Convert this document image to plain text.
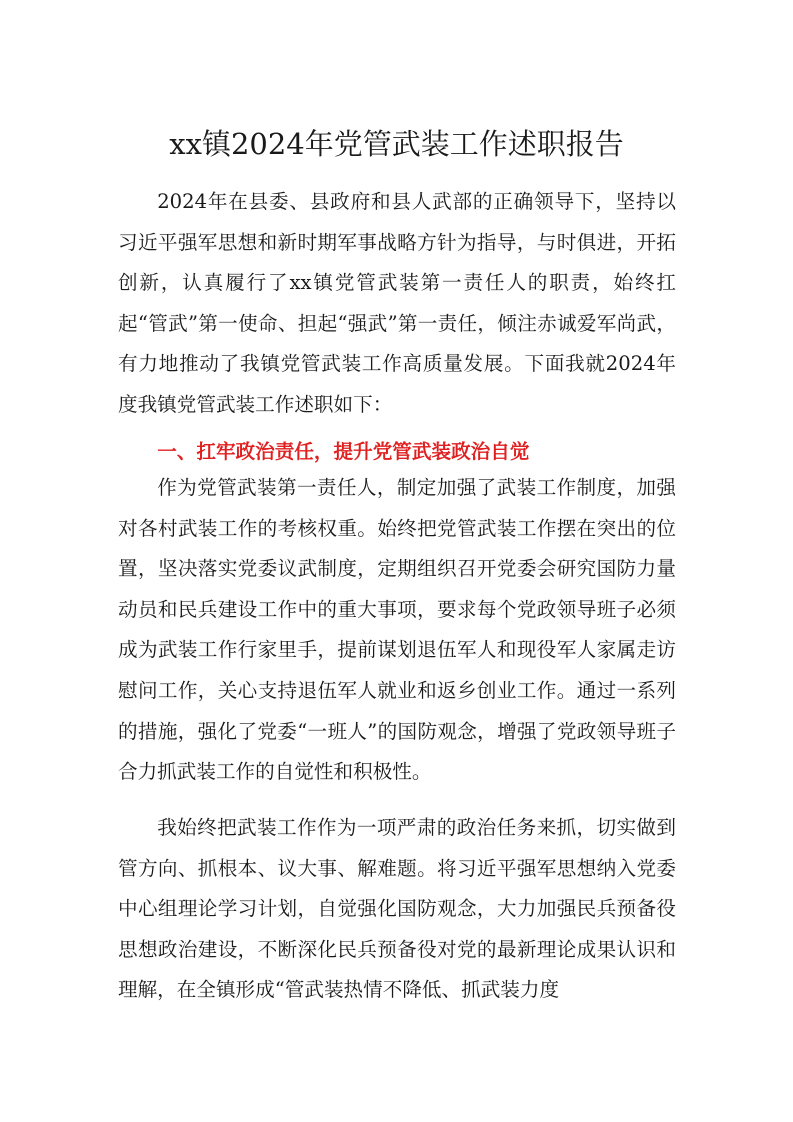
xx镇2024年党管武装工作述职报告

2024年在县委、县政府和县人武部的正确领导下，坚持以习近平强军思想和新时期军事战略方针为指导，与时俱进，开拓创新，认真履行了xx镇党管武装第一责任人的职责，始终扛起“管武”第一使命、担起“强武”第一责任，倾注赤诚爱军尚武，有力地推动了我镇党管武装工作高质量发展。下面我就2024年度我镇党管武装工作述职如下：

一、扛牢政治责任，提升党管武装政治自觉

作为党管武装第一责任人，制定加强了武装工作制度，加强对各村武装工作的考核权重。始终把党管武装工作摆在突出的位置，坚决落实党委议武制度，定期组织召开党委会研究国防力量动员和民兵建设工作中的重大事项，要求每个党政领导班子必须成为武装工作行家里手，提前谋划退伍军人和现役军人家属走访慰问工作，关心支持退伍军人就业和返乡创业工作。通过一系列的措施，强化了党委“一班人”的国防观念，增强了党政领导班子合力抓武装工作的自觉性和积极性。

我始终把武装工作作为一项严肃的政治任务来抓，切实做到管方向、抓根本、议大事、解难题。将习近平强军思想纳入党委中心组理论学习计划，自觉强化国防观念，大力加强民兵预备役思想政治建设，不断深化民兵预备役对党的最新理论成果认识和理解，在全镇形成“管武装热情不降低、抓武装力度
